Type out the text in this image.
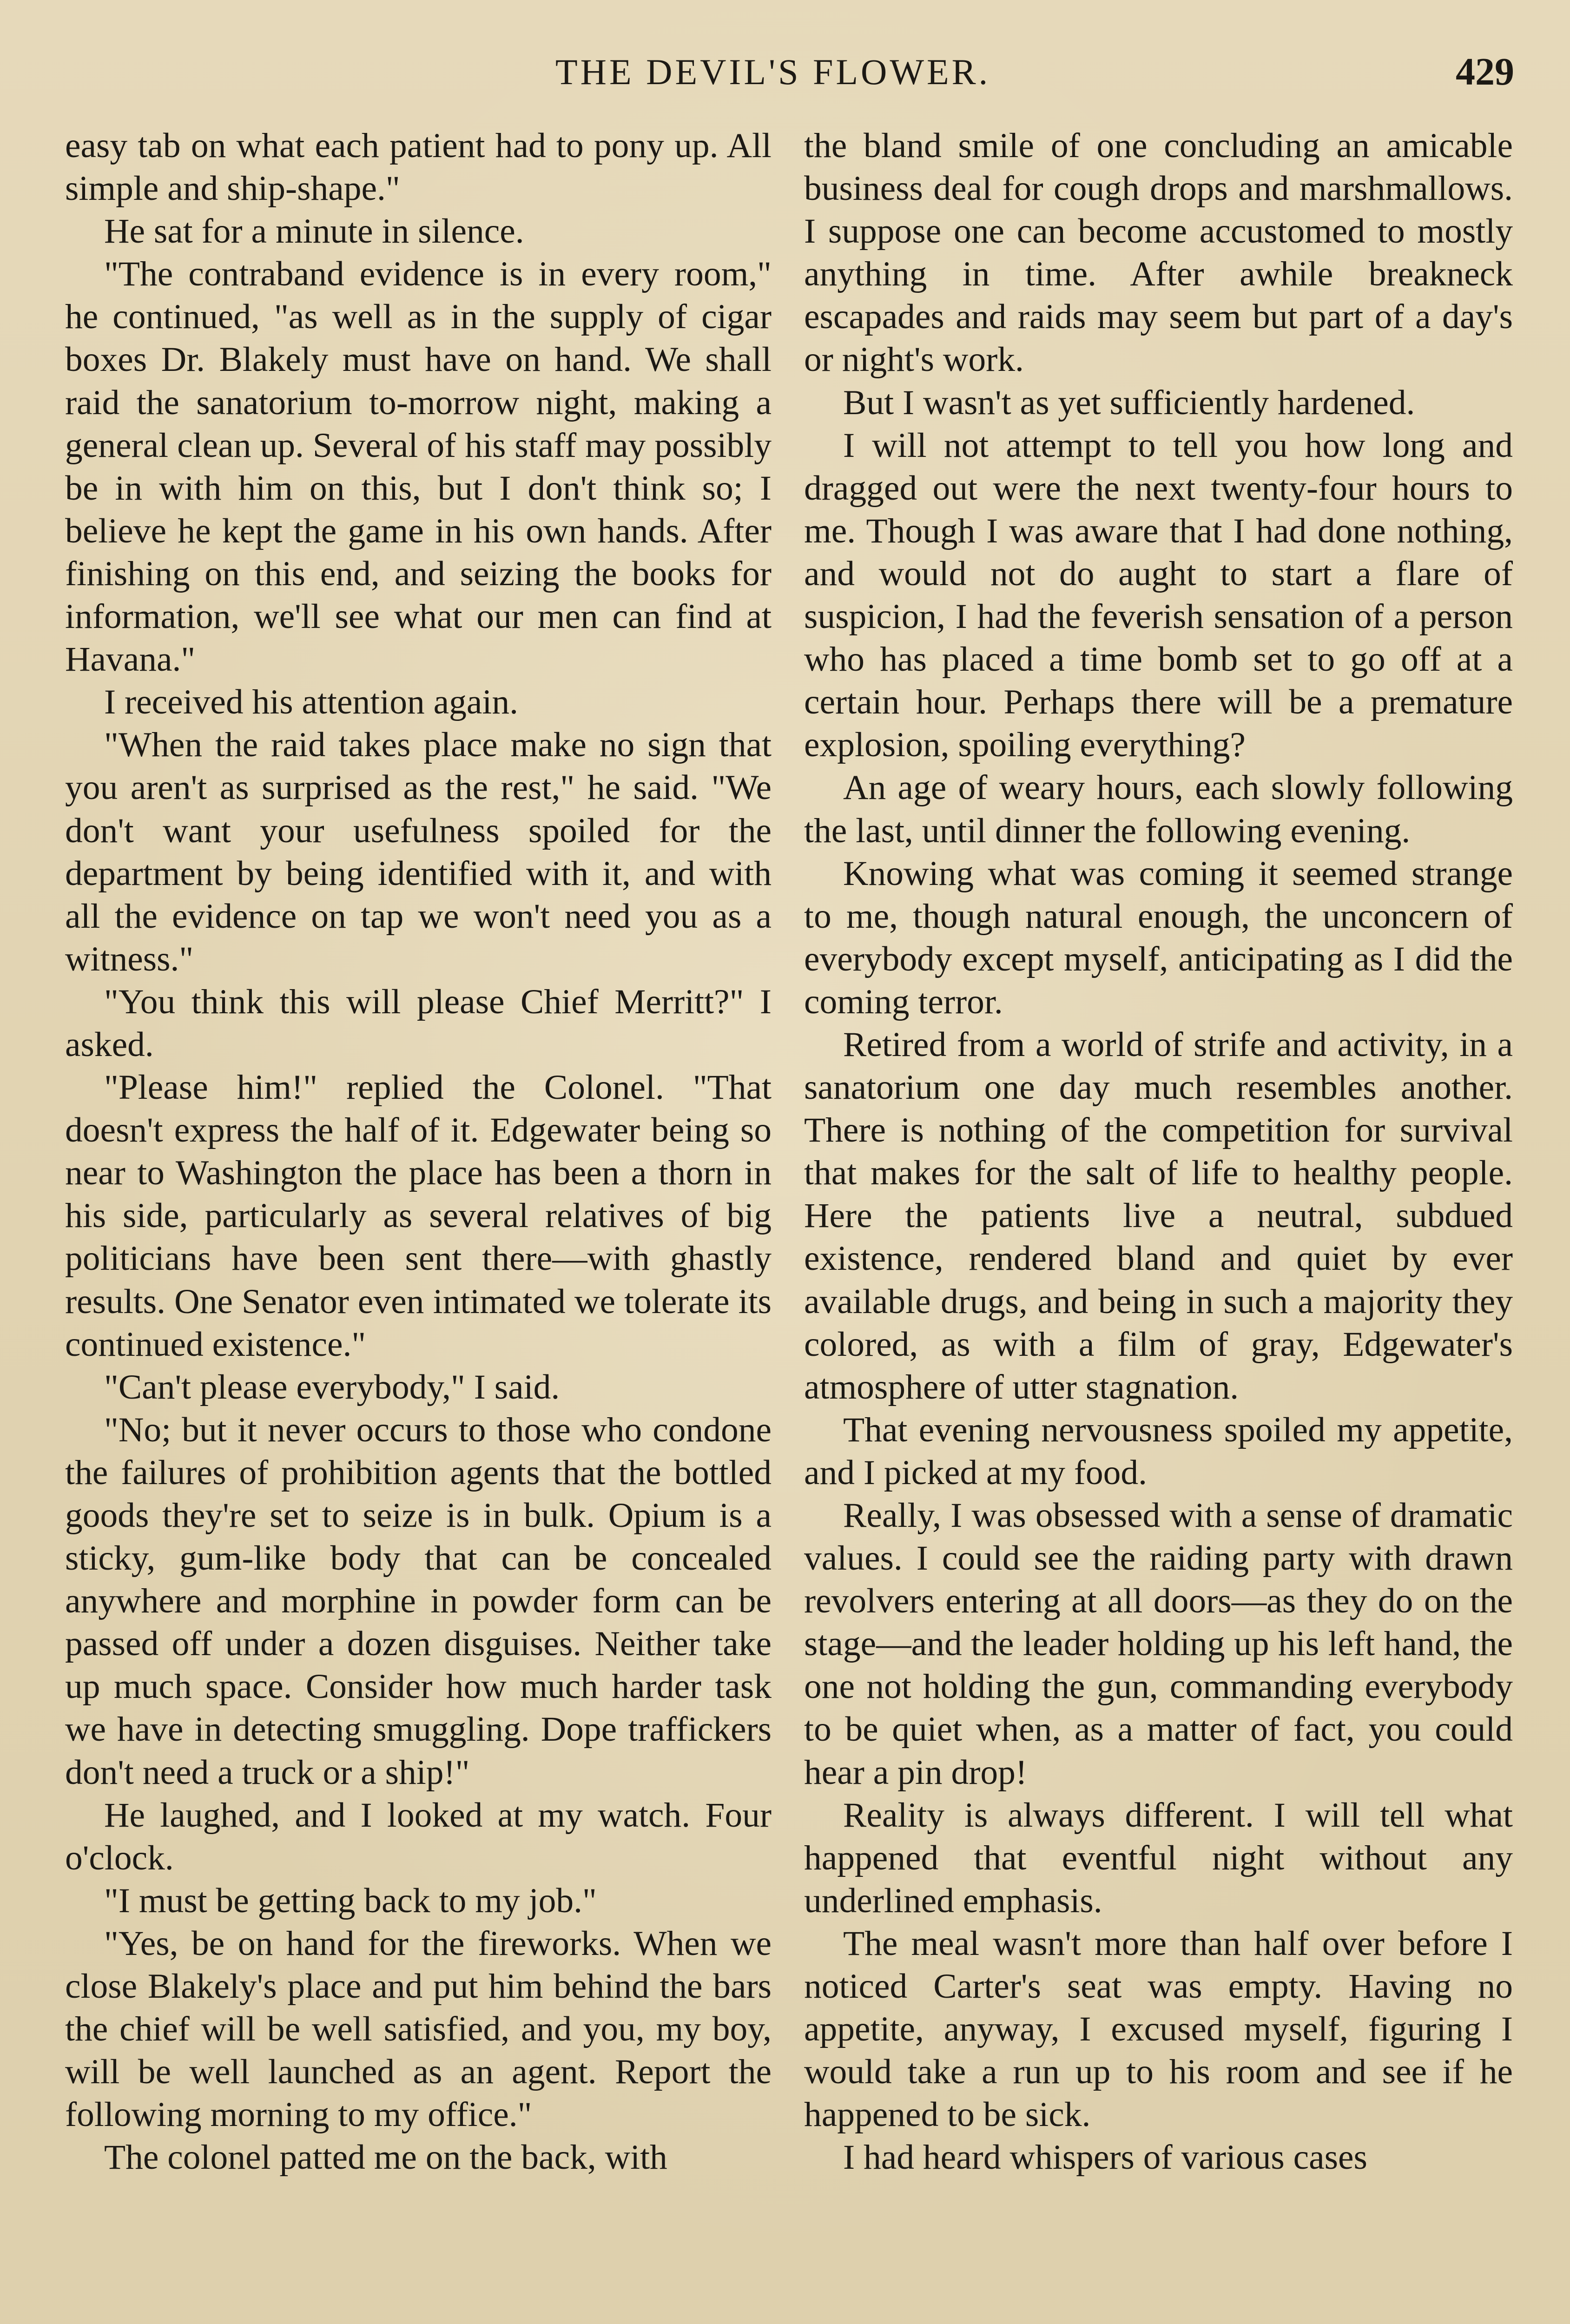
THE DEVIL'S FLOWER.	429

easy tab on what each patient had to pony up. All simple and ship-shape."

He sat for a minute in silence.

"The contraband evidence is in every room," he continued, "as well as in the supply of cigar boxes Dr. Blakely must have on hand. We shall raid the sanatorium to-morrow night, making a general clean up. Several of his staff may possibly be in with him on this, but I don't think so; I believe he kept the game in his own hands. After finishing on this end, and seizing the books for information, we'll see what our men can find at Havana."

I received his attention again.

"When the raid takes place make no sign that you aren't as surprised as the rest," he said. "We don't want your usefulness spoiled for the department by being identified with it, and with all the evidence on tap we won't need you as a witness."

"You think this will please Chief Merritt?" I asked.

"Please him!" replied the Colonel. "That doesn't express the half of it. Edgewater being so near to Washington the place has been a thorn in his side, particularly as several relatives of big politicians have been sent there—with ghastly results. One Senator even intimated we tolerate its continued existence."

"Can't please everybody," I said.

"No; but it never occurs to those who condone the failures of prohibition agents that the bottled goods they're set to seize is in bulk. Opium is a sticky, gum-like body that can be concealed anywhere and morphine in powder form can be passed off under a dozen disguises. Neither take up much space. Consider how much harder task we have in detecting smuggling. Dope traffickers don't need a truck or a ship!"

He laughed, and I looked at my watch. Four o'clock.

"I must be getting back to my job."

"Yes, be on hand for the fireworks. When we close Blakely's place and put him behind the bars the chief will be well satisfied, and you, my boy, will be well launched as an agent. Report the following morning to my office."

The colonel patted me on the back, with

the bland smile of one concluding an amicable business deal for cough drops and marshmallows. I suppose one can become accustomed to mostly anything in time. After awhile breakneck escapades and raids may seem but part of a day's or night's work.

But I wasn't as yet sufficiently hardened.

I will not attempt to tell you how long and dragged out were the next twenty-four hours to me. Though I was aware that I had done nothing, and would not do aught to start a flare of suspicion, I had the feverish sensation of a person who has placed a time bomb set to go off at a certain hour. Perhaps there will be a premature explosion, spoiling everything?

An age of weary hours, each slowly following the last, until dinner the following evening.

Knowing what was coming it seemed strange to me, though natural enough, the unconcern of everybody except myself, anticipating as I did the coming terror.

Retired from a world of strife and activity, in a sanatorium one day much resembles another. There is nothing of the competition for survival that makes for the salt of life to healthy people. Here the patients live a neutral, subdued existence, rendered bland and quiet by ever available drugs, and being in such a majority they colored, as with a film of gray, Edgewater's atmosphere of utter stagnation.

That evening nervousness spoiled my appetite, and I picked at my food.

Really, I was obsessed with a sense of dramatic values. I could see the raiding party with drawn revolvers entering at all doors—as they do on the stage—and the leader holding up his left hand, the one not holding the gun, commanding everybody to be quiet when, as a matter of fact, you could hear a pin drop!

Reality is always different. I will tell what happened that eventful night without any underlined emphasis.

The meal wasn't more than half over before I noticed Carter's seat was empty. Having no appetite, anyway, I excused myself, figuring I would take a run up to his room and see if he happened to be sick.

I had heard whispers of various cases
